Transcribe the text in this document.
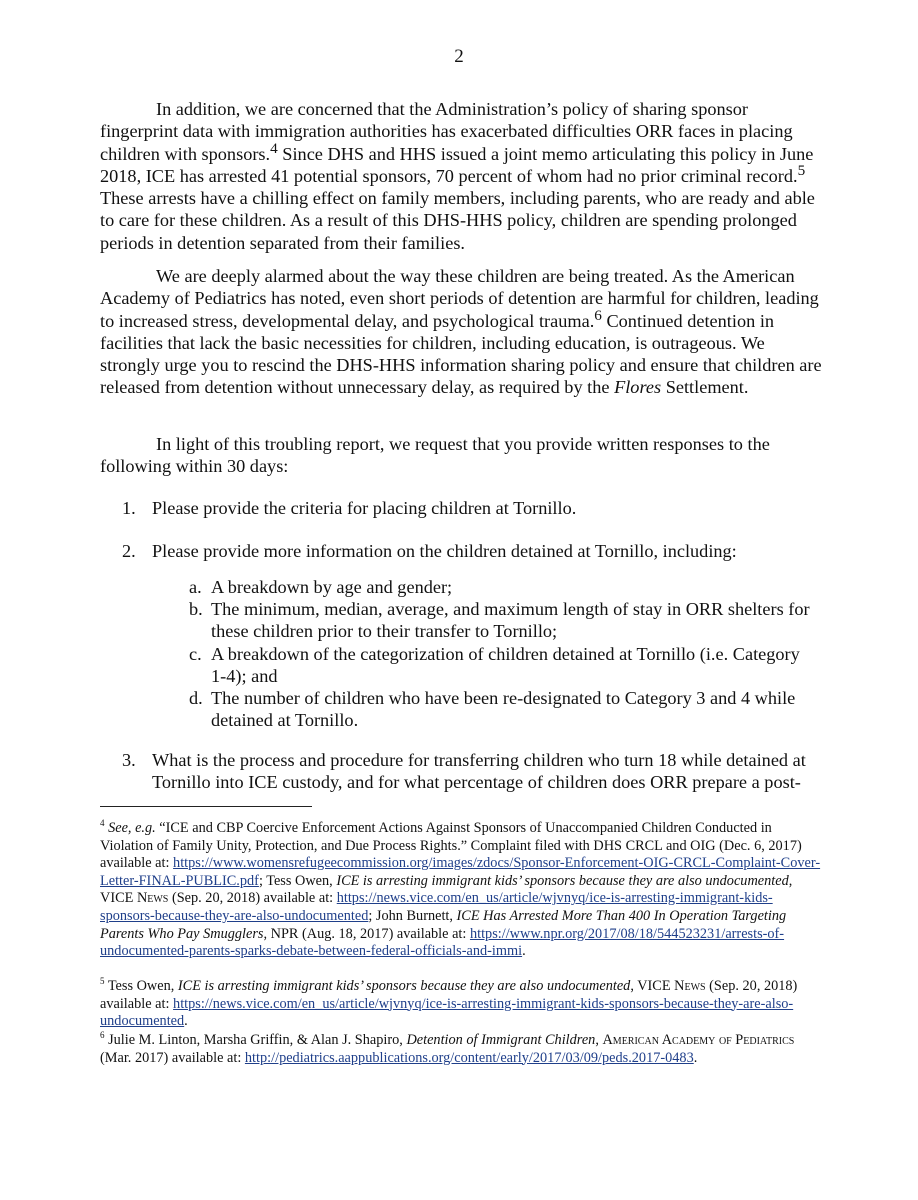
2

In addition, we are concerned that the Administration’s policy of sharing sponsor fingerprint data with immigration authorities has exacerbated difficulties ORR faces in placing children with sponsors.$^4$ Since DHS and HHS issued a joint memo articulating this policy in June 2018, ICE has arrested 41 potential sponsors, 70 percent of whom had no prior criminal record.$^5$ These arrests have a chilling effect on family members, including parents, who are ready and able to care for these children. As a result of this DHS-HHS policy, children are spending prolonged periods in detention separated from their families.

We are deeply alarmed about the way these children are being treated. As the American Academy of Pediatrics has noted, even short periods of detention are harmful for children, leading to increased stress, developmental delay, and psychological trauma.$^6$ Continued detention in facilities that lack the basic necessities for children, including education, is outrageous. We strongly urge you to rescind the DHS-HHS information sharing policy and ensure that children are released from detention without unnecessary delay, as required by the Flores Settlement.

In light of this troubling report, we request that you provide written responses to the following within 30 days:

1. Please provide the criteria for placing children at Tornillo.
2. Please provide more information on the children detained at Tornillo, including:
a. A breakdown by age and gender;
b. The minimum, median, average, and maximum length of stay in ORR shelters for these children prior to their transfer to Tornillo;
c. A breakdown of the categorization of children detained at Tornillo (i.e. Category 1-4); and
d. The number of children who have been re-designated to Category 3 and 4 while detained at Tornillo.
3. What is the process and procedure for transferring children who turn 18 while detained at Tornillo into ICE custody, and for what percentage of children does ORR prepare a post-

$^4$ See, e.g. “ICE and CBP Coercive Enforcement Actions Against Sponsors of Unaccompanied Children Conducted in Violation of Family Unity, Protection, and Due Process Rights.” Complaint filed with DHS CRCL and OIG (Dec. 6, 2017) available at: https://www.womensrefugeecommission.org/images/zdocs/Sponsor-Enforcement-OIG-CRCL-Complaint-Cover-Letter-FINAL-PUBLIC.pdf; Tess Owen, ICE is arresting immigrant kids’ sponsors because they are also undocumented, VICE News (Sep. 20, 2018) available at: https://news.vice.com/en_us/article/wjvnyq/ice-is-arresting-immigrant-kids-sponsors-because-they-are-also-undocumented; John Burnett, ICE Has Arrested More Than 400 In Operation Targeting Parents Who Pay Smugglers, NPR (Aug. 18, 2017) available at: https://www.npr.org/2017/08/18/544523231/arrests-of-undocumented-parents-sparks-debate-between-federal-officials-and-immi.

$^5$ Tess Owen, ICE is arresting immigrant kids’ sponsors because they are also undocumented, VICE News (Sep. 20, 2018) available at: https://news.vice.com/en_us/article/wjvnyq/ice-is-arresting-immigrant-kids-sponsors-because-they-are-also-undocumented.

$^6$ Julie M. Linton, Marsha Griffin, & Alan J. Shapiro, Detention of Immigrant Children, American Academy of Pediatrics (Mar. 2017) available at: http://pediatrics.aappublications.org/content/early/2017/03/09/peds.2017-0483.
